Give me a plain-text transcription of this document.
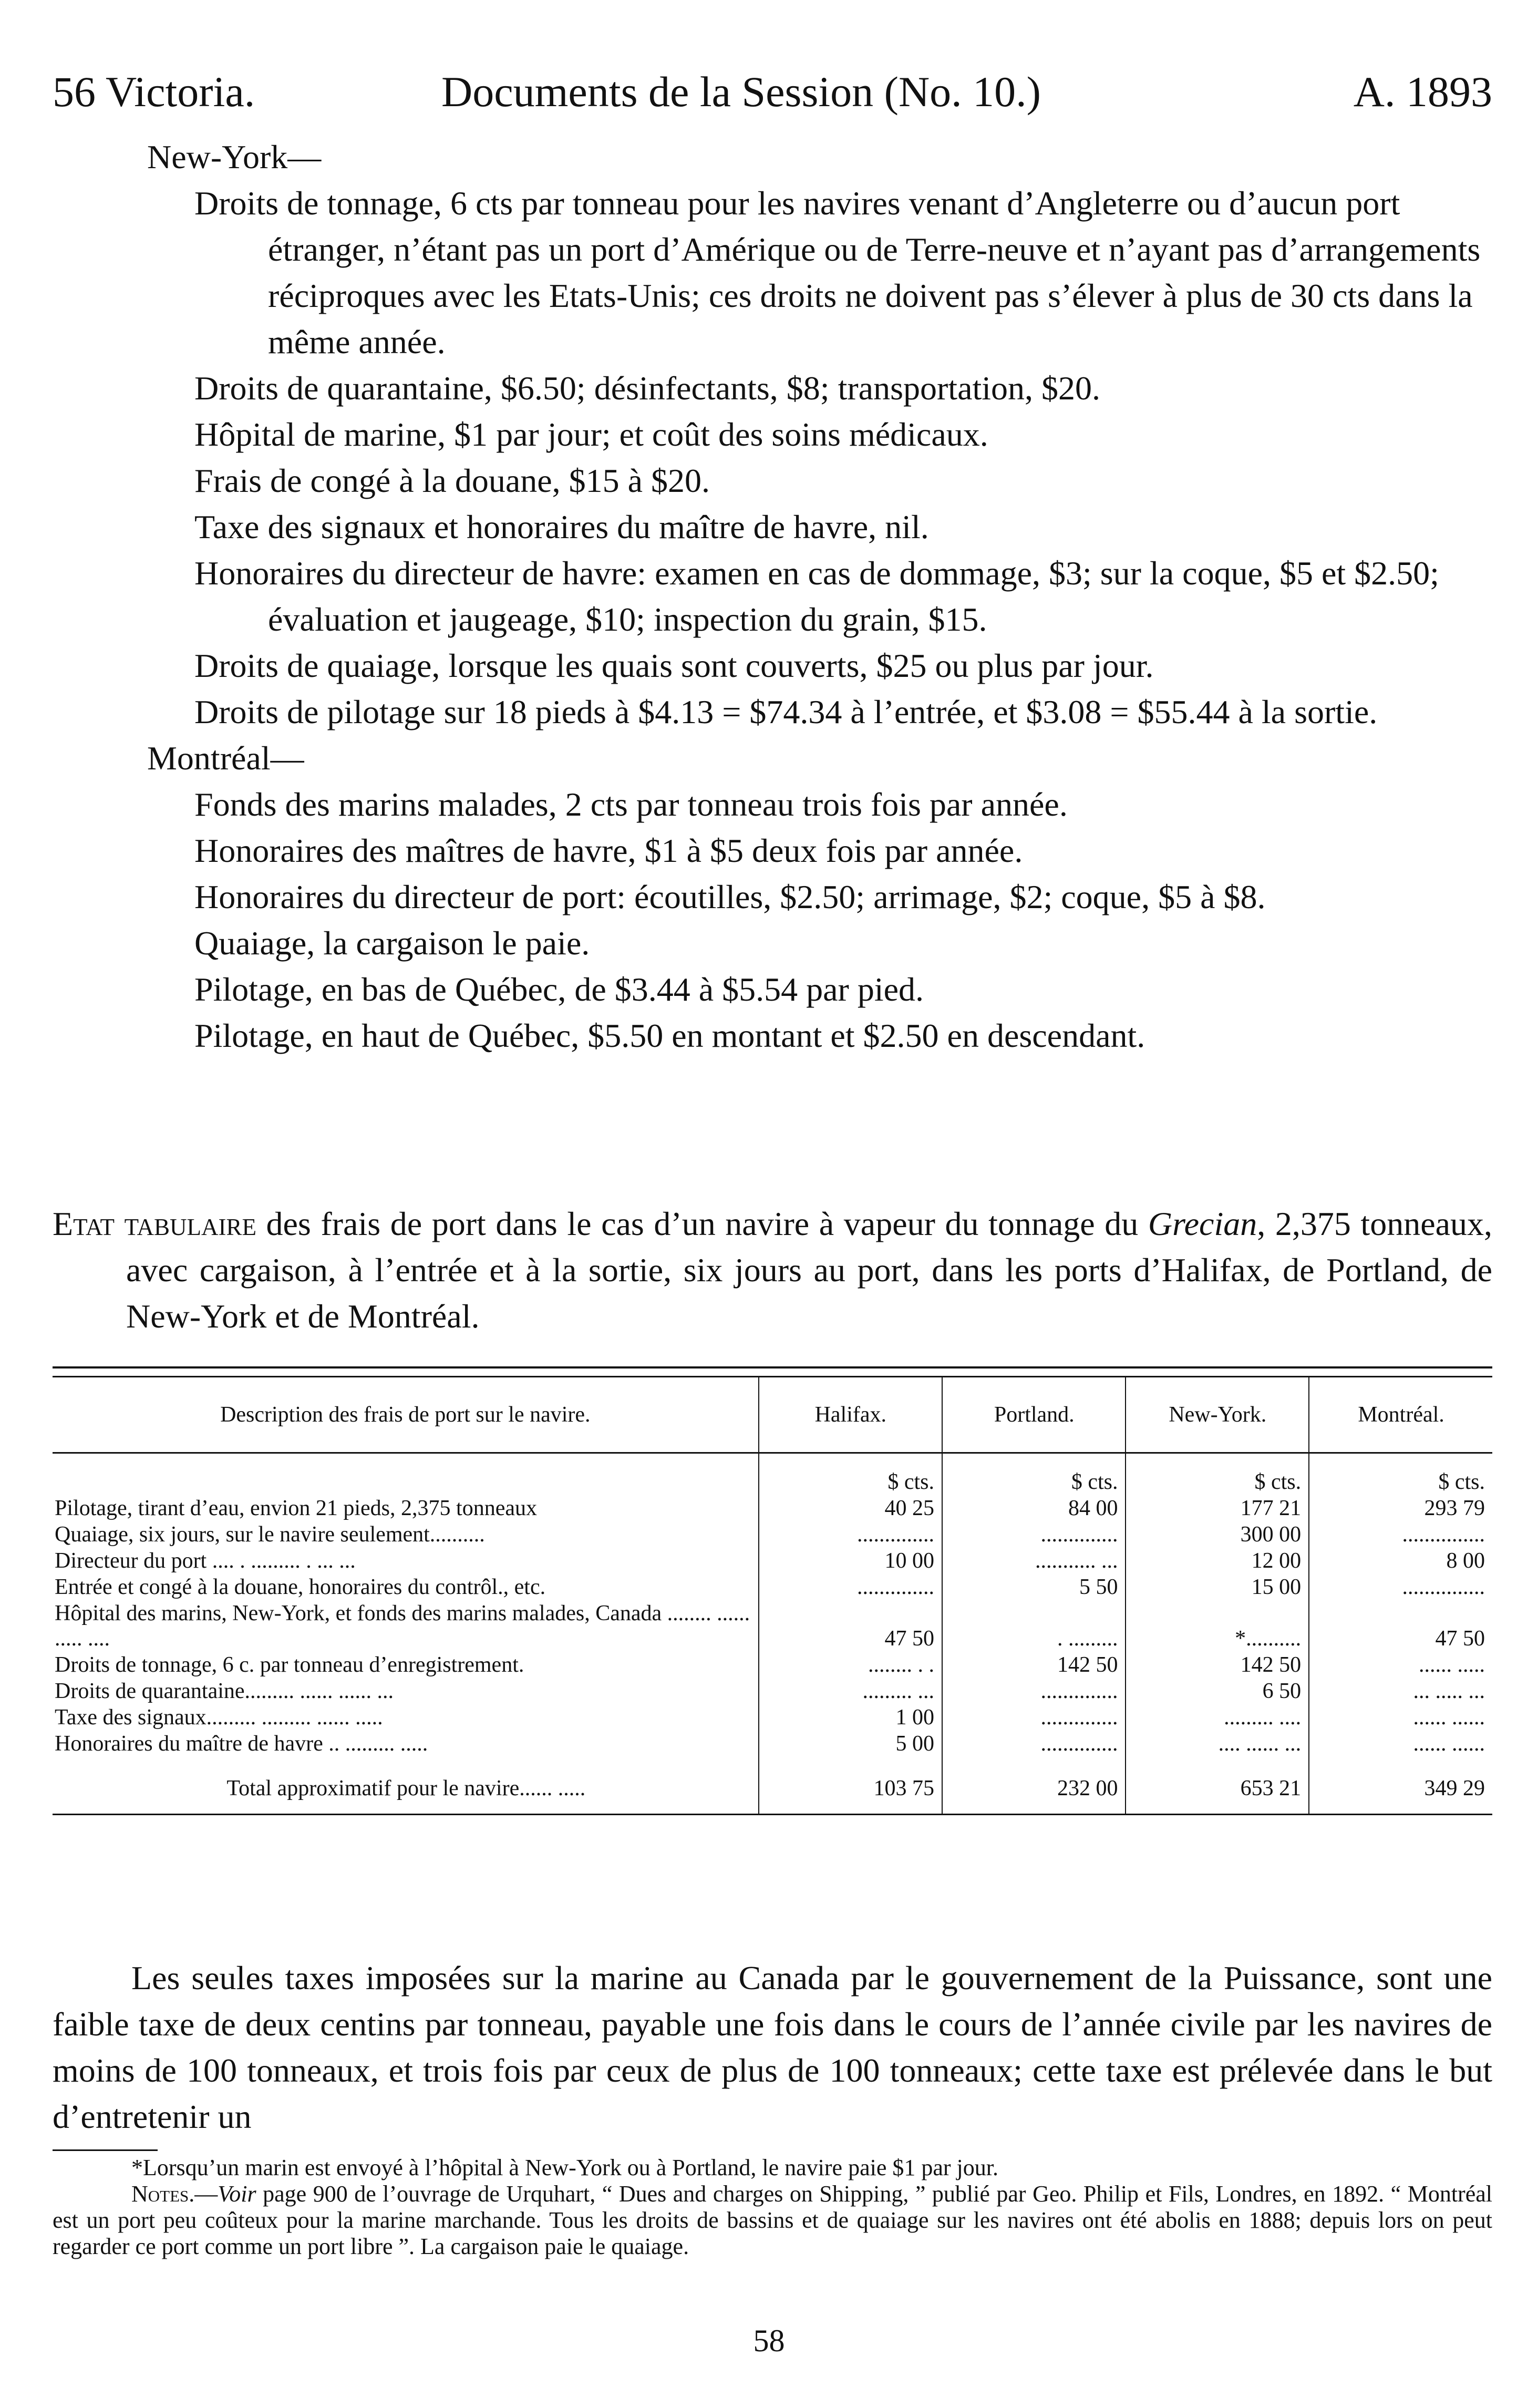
56 Victoria.	Documents de la Session (No. 10.)	A. 1893
New-York—
Droits de tonnage, 6 cts par tonneau pour les navires venant d’Angleterre ou d’aucun port étranger, n’étant pas un port d’Amérique ou de Terre-neuve et n’ayant pas d’arrangements réciproques avec les Etats-Unis; ces droits ne doivent pas s’élever à plus de 30 cts dans la même année.
Droits de quarantaine, $6.50; désinfectants, $8; transportation, $20.
Hôpital de marine, $1 par jour; et coût des soins médicaux.
Frais de congé à la douane, $15 à $20.
Taxe des signaux et honoraires du maître de havre, nil.
Honoraires du directeur de havre: examen en cas de dommage, $3; sur la coque, $5 et $2.50; évaluation et jaugeage, $10; inspection du grain, $15.
Droits de quaiage, lorsque les quais sont couverts, $25 ou plus par jour.
Droits de pilotage sur 18 pieds à $4.13 = $74.34 à l’entrée, et $3.08 = $55.44 à la sortie.
Montréal—
Fonds des marins malades, 2 cts par tonneau trois fois par année.
Honoraires des maîtres de havre, $1 à $5 deux fois par année.
Honoraires du directeur de port: écoutilles, $2.50; arrimage, $2; coque, $5 à $8.
Quaiage, la cargaison le paie.
Pilotage, en bas de Québec, de $3.44 à $5.54 par pied.
Pilotage, en haut de Québec, $5.50 en montant et $2.50 en descendant.

Etat tabulaire des frais de port dans le cas d’un navire à vapeur du tonnage du Grecian, 2,375 tonneaux, avec cargaison, à l’entrée et à la sortie, six jours au port, dans les ports d’Halifax, de Portland, de New-York et de Montréal.

Description des frais de port sur le navire.	Halifax.	Portland.	New-York.	Montréal.
	$ cts.	$ cts.	$ cts.	$ cts.
Pilotage, tirant d’eau, envion 21 pieds, 2,375 tonneaux	40 25	84 00	177 21	293 79
Quaiage, six jours, sur le navire seulement..........	..............	..............	300 00	...............
Directeur du port .... . ......... . ... ...	10 00	........... ...	12 00	8 00
Entrée et congé à la douane, honoraires du contrôl., etc.	..............	5 50	15 00	...............
Hôpital des marins, New-York, et fonds des marins malades, Canada ........ ...... ..... ....	47 50	. .........	*..........	47 50
Droits de tonnage, 6 c. par tonneau d’enregistrement.	........ . .	142 50	142 50	...... .....
Droits de quarantaine......... ...... ...... ...	......... ...	..............	6 50	... ..... ...
Taxe des signaux......... ......... ...... .....	1 00	..............	......... ....	...... ......
Honoraires du maître de havre .. ......... .....	5 00	..............	.... ...... ...	...... ......
Total approximatif pour le navire...... .....	103 75	232 00	653 21	349 29

Les seules taxes imposées sur la marine au Canada par le gouvernement de la Puissance, sont une faible taxe de deux centins par tonneau, payable une fois dans le cours de l’année civile par les navires de moins de 100 tonneaux, et trois fois par ceux de plus de 100 tonneaux; cette taxe est prélevée dans le but d’entretenir un

*Lorsqu’un marin est envoyé à l’hôpital à New-York ou à Portland, le navire paie $1 par jour.

Notes.—Voir page 900 de l’ouvrage de Urquhart, “ Dues and charges on Shipping, ” publié par Geo. Philip et Fils, Londres, en 1892. “ Montréal est un port peu coûteux pour la marine marchande. Tous les droits de bassins et de quaiage sur les navires ont été abolis en 1888; depuis lors on peut regarder ce port comme un port libre ”. La cargaison paie le quaiage.

58
